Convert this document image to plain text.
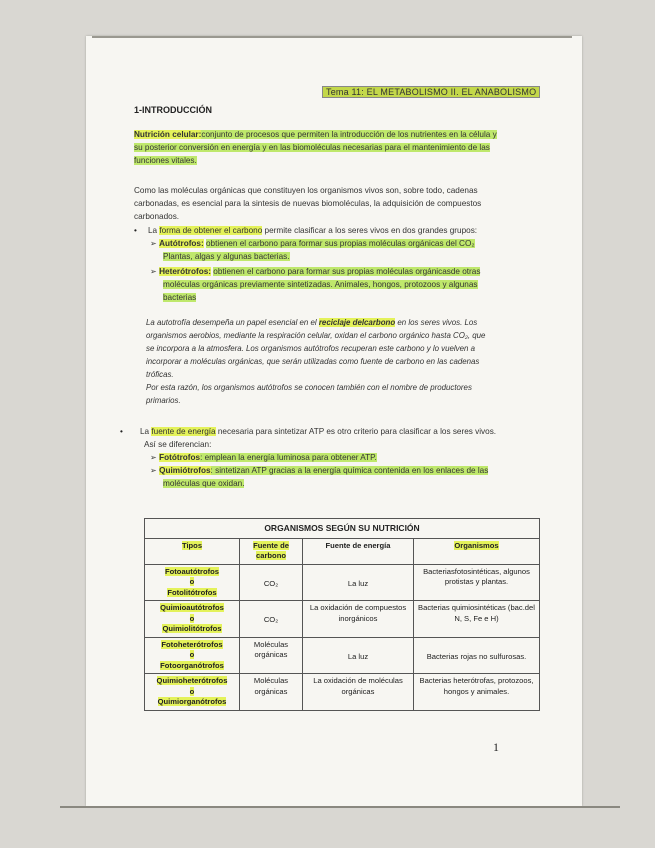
Tema 11: EL METABOLISMO II. EL ANABOLISMO
1-INTRODUCCIÓN
Nutrición celular:conjunto de procesos que permiten la introducción de los nutrientes en la célula y
su posterior conversión en energía y en las biomoléculas necesarias para el mantenimiento de las
funciones vitales.
Como las moléculas orgánicas que constituyen los organismos vivos son, sobre todo, cadenas
carbonadas, es esencial para la sintesis de nuevas biomoléculas, la adquisición de compuestos
carbonados.
• La forma de obtener el carbono permite clasificar a los seres vivos en dos grandes grupos:
➢ Autótrofos: obtienen el carbono para formar sus propias moléculas orgánicas del CO₂
Plantas, algas y algunas bacterias.
➢ Heterótrofos: obtienen el carbono para formar sus propias moléculas orgánicasde otras
moléculas orgánicas previamente sintetizadas. Animales, hongos, protozoos y algunas
bacterias
La autotrofía desempeña un papel esencial en el reciclaje delcarbono en los seres vivos. Los
organismos aerobios, mediante la respiración celular, oxidan el carbono orgánico hasta CO₂, que
se incorpora a la atmosfera. Los organismos autótrofos recuperan este carbono y lo vuelven a
incorporar a moléculas orgánicas, que serán utilizadas como fuente de carbono en las cadenas
tróficas.
Por esta razón, los organismos autótrofos se conocen también con el nombre de productores
primarios.
• La fuente de energía necesaria para sintetizar ATP es otro criterio para clasificar a los seres vivos.
Así se diferencian:
➢ Fotótrofos: emplean la energía luminosa para obtener ATP.
➢ Quimiótrofos: sintetizan ATP gracias a la energía química contenida en los enlaces de las
moléculas que oxidan.
ORGANISMOS SEGÚN SU NUTRICIÓN			
Tipos	Fuente de carbono	Fuente de energía	Organismos

Fotoautótrofos
o
Fotolitótrofos	CO₂	La luz	Bacteriasfotosintéticas, algunos protistas y plantas.

Quimioautótrofos
o
Quimiolitótrofos	CO₂	La oxidación de compuestos inorgánicos	Bacterias quimiosintéticas (bac.del N, S, Fe e H)

Fotoheterótrofos
o
Fotoorganótrofos	Moléculas orgánicas	La luz	Bacterias rojas no sulfurosas.

Quimioheterótrofos
o
Quimiorganótrofos	Moléculas orgánicas	La oxidación de moléculas orgánicas	Bacterias heterótrofas, protozoos, hongos y animales.
1
